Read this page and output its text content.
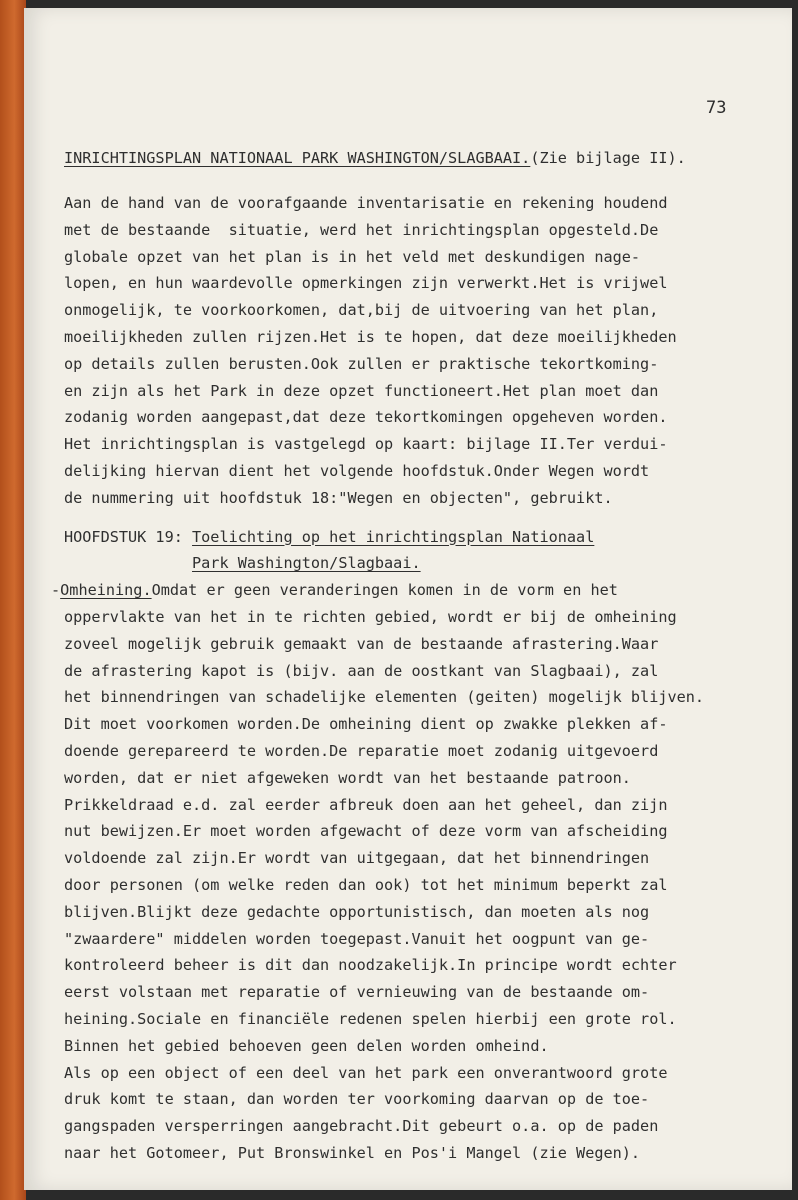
73
INRICHTINGSPLAN NATIONAAL PARK WASHINGTON/SLAGBAAI.(Zie bijlage II).
Aan de hand van de voorafgaande inventarisatie en rekening houdend
met de bestaande  situatie, werd het inrichtingsplan opgesteld.De
globale opzet van het plan is in het veld met deskundigen nage-
lopen, en hun waardevolle opmerkingen zijn verwerkt.Het is vrijwel
onmogelijk, te voorkoorkomen, dat,bij de uitvoering van het plan,
moeilijkheden zullen rijzen.Het is te hopen, dat deze moeilijkheden
op details zullen berusten.Ook zullen er praktische tekortkoming-
en zijn als het Park in deze opzet functioneert.Het plan moet dan
zodanig worden aangepast,dat deze tekortkomingen opgeheven worden.
Het inrichtingsplan is vastgelegd op kaart: bijlage II.Ter verdui-
delijking hiervan dient het volgende hoofdstuk.Onder Wegen wordt
de nummering uit hoofdstuk 18:"Wegen en objecten", gebruikt.
HOOFDSTUK 19: Toelichting op het inrichtingsplan Nationaal
Park Washington/Slagbaai.
-Omheining.Omdat er geen veranderingen komen in de vorm en het
oppervlakte van het in te richten gebied, wordt er bij de omheining
zoveel mogelijk gebruik gemaakt van de bestaande afrastering.Waar
de afrastering kapot is (bijv. aan de oostkant van Slagbaai), zal
het binnendringen van schadelijke elementen (geiten) mogelijk blijven.
Dit moet voorkomen worden.De omheining dient op zwakke plekken af-
doende gerepareerd te worden.De reparatie moet zodanig uitgevoerd
worden, dat er niet afgeweken wordt van het bestaande patroon.
Prikkeldraad e.d. zal eerder afbreuk doen aan het geheel, dan zijn
nut bewijzen.Er moet worden afgewacht of deze vorm van afscheiding
voldoende zal zijn.Er wordt van uitgegaan, dat het binnendringen
door personen (om welke reden dan ook) tot het minimum beperkt zal
blijven.Blijkt deze gedachte opportunistisch, dan moeten als nog
"zwaardere" middelen worden toegepast.Vanuit het oogpunt van ge-
kontroleerd beheer is dit dan noodzakelijk.In principe wordt echter
eerst volstaan met reparatie of vernieuwing van de bestaande om-
heining.Sociale en financiële redenen spelen hierbij een grote rol.
Binnen het gebied behoeven geen delen worden omheind.
Als op een object of een deel van het park een onverantwoord grote
druk komt te staan, dan worden ter voorkoming daarvan op de toe-
gangspaden versperringen aangebracht.Dit gebeurt o.a. op de paden
naar het Gotomeer, Put Bronswinkel en Pos'i Mangel (zie Wegen).
